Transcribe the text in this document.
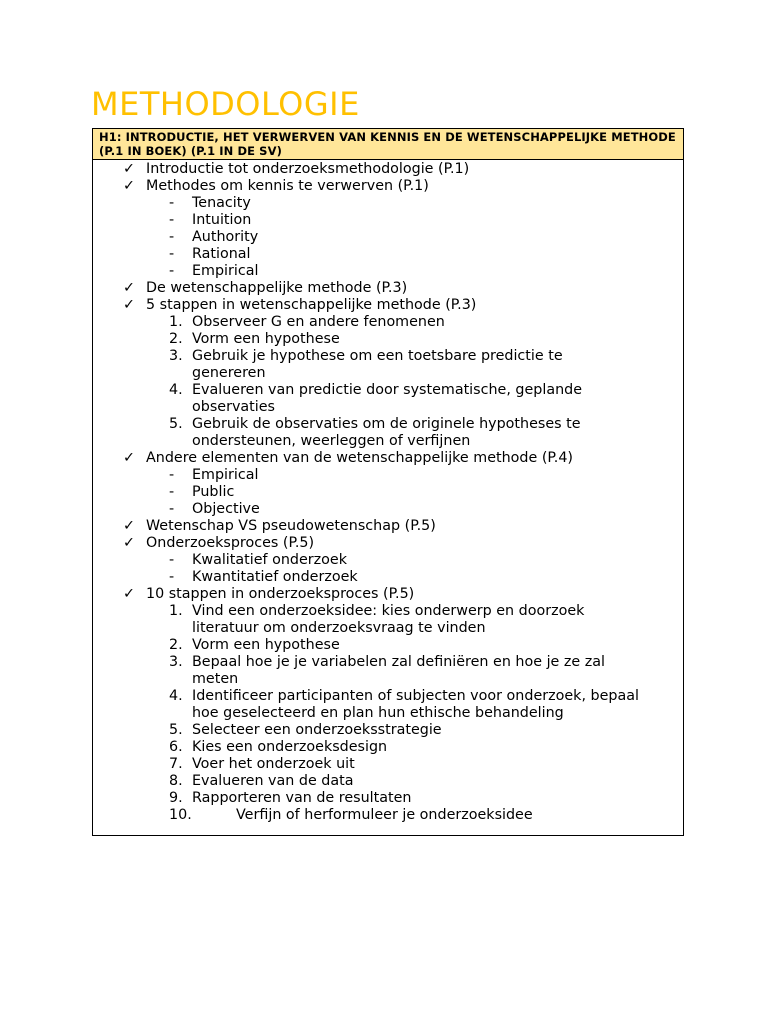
METHODOLOGIE
H1: INTRODUCTIE, HET VERWERVEN VAN KENNIS EN DE WETENSCHAPPELIJKE METHODE (P.1 IN BOEK) (P.1 IN DE SV)
✓ Introductie tot onderzoeksmethodologie (P.1)
✓ Methodes om kennis te verwerven (P.1)
- Tenacity
- Intuition
- Authority
- Rational
- Empirical
✓ De wetenschappelijke methode (P.3)
✓ 5 stappen in wetenschappelijke methode (P.3)
1. Observeer G en andere fenomenen
2. Vorm een hypothese
3. Gebruik je hypothese om een toetsbare predictie te
genereren
4. Evalueren van predictie door systematische, geplande
observaties
5. Gebruik de observaties om de originele hypotheses te
ondersteunen, weerleggen of verfijnen
✓ Andere elementen van de wetenschappelijke methode (P.4)
- Empirical
- Public
- Objective
✓ Wetenschap VS pseudowetenschap (P.5)
✓ Onderzoeksproces (P.5)
- Kwalitatief onderzoek
- Kwantitatief onderzoek
✓ 10 stappen in onderzoeksproces (P.5)
1. Vind een onderzoeksidee: kies onderwerp en doorzoek
literatuur om onderzoeksvraag te vinden
2. Vorm een hypothese
3. Bepaal hoe je je variabelen zal definiëren en hoe je ze zal
meten
4. Identificeer participanten of subjecten voor onderzoek, bepaal
hoe geselecteerd en plan hun ethische behandeling
5. Selecteer een onderzoeksstrategie
6. Kies een onderzoeksdesign
7. Voer het onderzoek uit
8. Evalueren van de data
9. Rapporteren van de resultaten
10.	Verfijn of herformuleer je onderzoeksidee
